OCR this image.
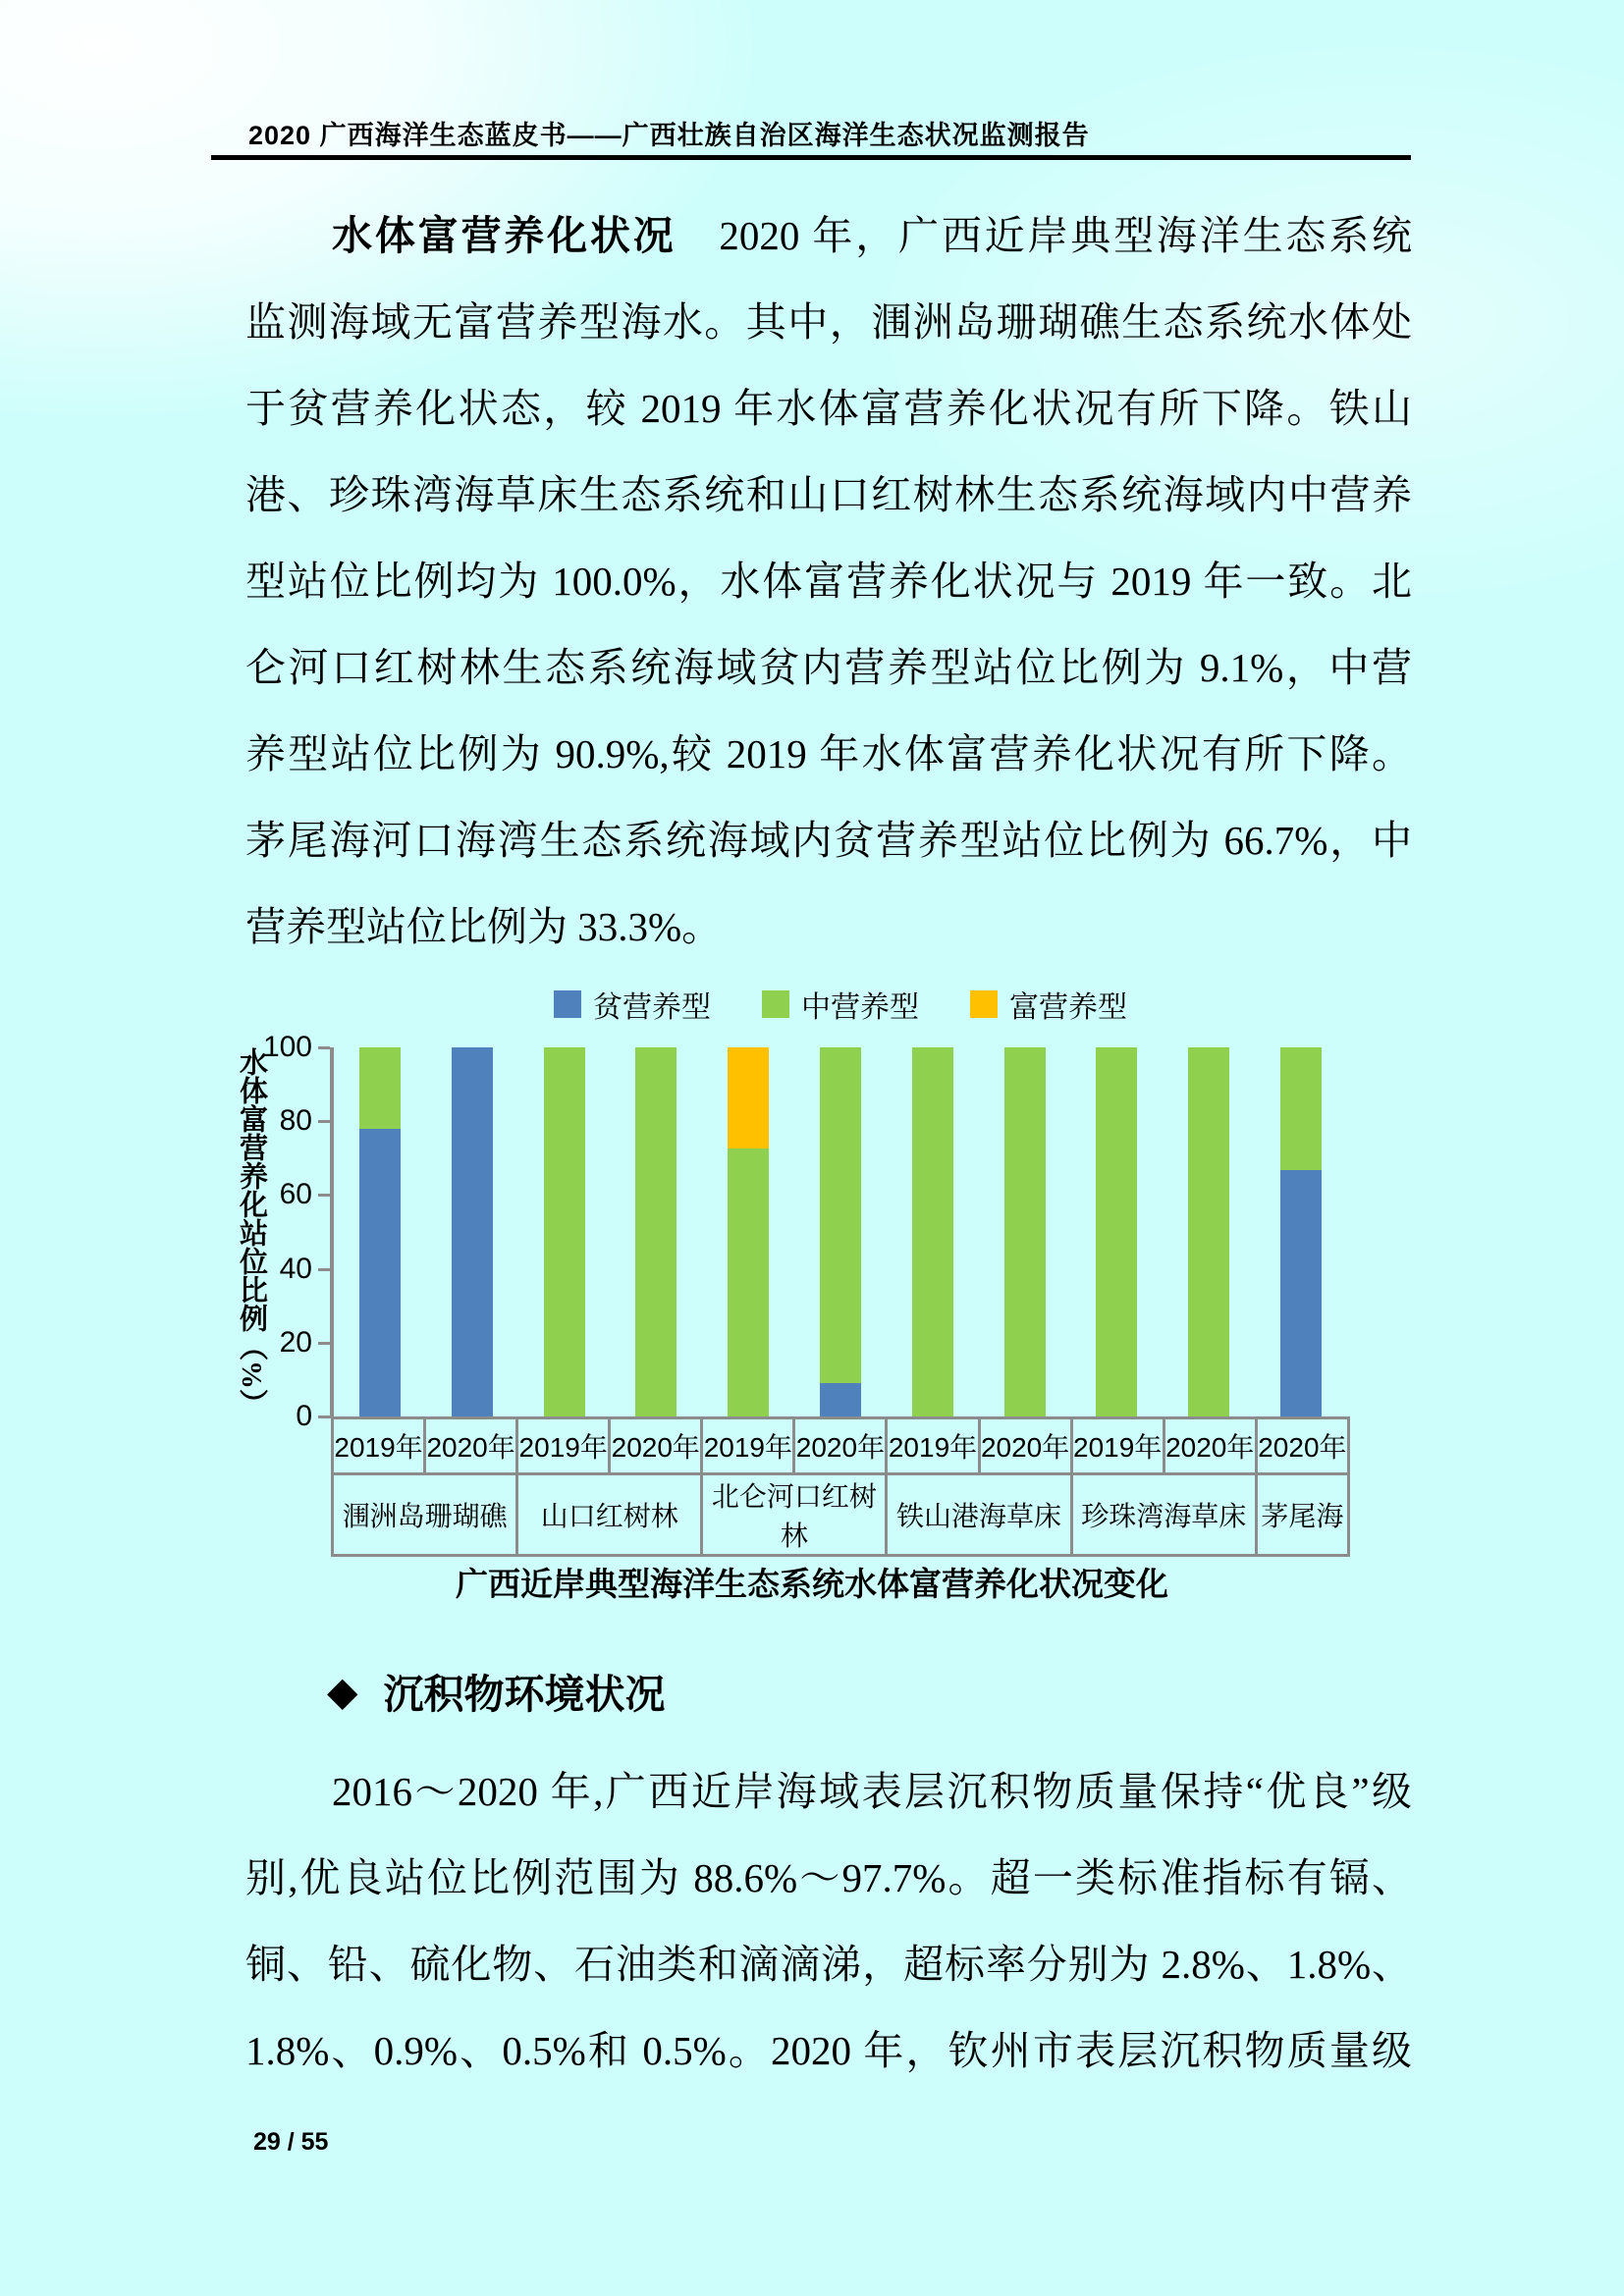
2020 广西海洋生态蓝皮书——广西壮族自治区海洋生态状况监测报告
水体富营养化状况　2020 年，广西近岸典型海洋生态系统
监测海域无富营养型海水。其中，涠洲岛珊瑚礁生态系统水体处
于贫营养化状态，较 2019 年水体富营养化状况有所下降。铁山
港、珍珠湾海草床生态系统和山口红树林生态系统海域内中营养
型站位比例均为 100.0%，水体富营养化状况与 2019 年一致。北
仑河口红树林生态系统海域贫内营养型站位比例为 9.1%，中营
养型站位比例为 90.9%,较 2019 年水体富营养化状况有所下降。
茅尾海河口海湾生态系统海域内贫营养型站位比例为 66.7%，中
营养型站位比例为 33.3%。
贫营养型	中营养型	富营养型
水体富营养化站位比例（%） 0
20
40
60
80
100
2019年	2020年	2019年	2020年	2019年	2020年	2019年	2020年	2019年	2020年	2020年
涠洲岛珊瑚礁		山口红树林		北仑河口红树林		铁山港海草床		珍珠湾海草床		茅尾海
广西近岸典型海洋生态系统水体富营养化状况变化
◆ 沉积物环境状况
2016～2020 年,广西近岸海域表层沉积物质量保持“优良”级
别,优良站位比例范围为 88.6%～97.7%。超一类标准指标有镉、
铜、铅、硫化物、石油类和滴滴涕，超标率分别为 2.8%、1.8%、
1.8%、0.9%、0.5%和 0.5%。2020 年，钦州市表层沉积物质量级
29 / 55
